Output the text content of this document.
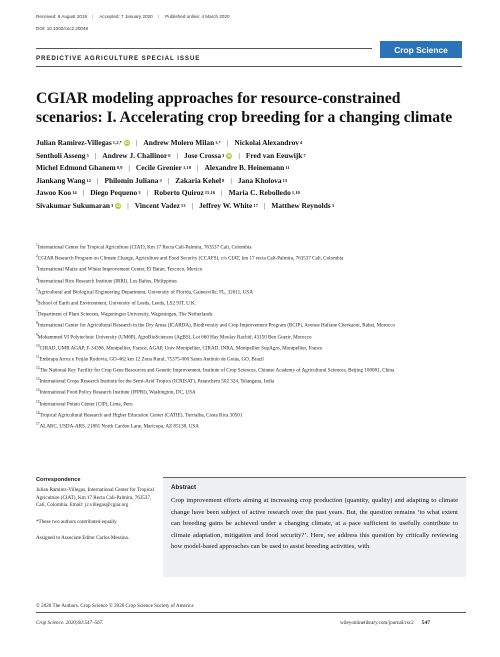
Received: 9 August 2019 | Accepted: 7 January 2020 | Published online: 4 March 2020
DOI: 10.1002/csc2.20048
Crop Science
PREDICTIVE AGRICULTURE SPECIAL ISSUE
CGIAR modeling approaches for resource-constrained scenarios: I. Accelerating crop breeding for a changing climate
Julian Ramirez-Villegas 1,2,* iD | Andrew Molero Milan 3,* | Nickolai Alexandrov 4
Sentholi Asseng 5 | Andrew J. Challinor 6 | Jose Crossa 3 iD | Fred van Eeuwijk 7
Michel Edmond Ghanem 8,9 | Cecile Grenier 1,10 | Alexandre B. Heinemann 11
Jiankang Wang 12 | Philomin Juliana 3 | Zakaria Kehel 8 | Jana Kholova 13
Jawoo Koo 14 | Diego Pequeno 3 | Roberto Quiroz 15,16 | Maria C. Rebolledo 1,10
Sivakumar Sukumaran 3 iD | Vincent Vadez 13 | Jeffrey W. White 17 | Matthew Reynolds 3
$^1$International Center for Tropical Agriculture (CIAT), Km 17 Recta Cali-Palmira, 763537 Cali, Colombia
$^2$CGIAR Research Program on Climate Change, Agriculture and Food Security (CCAFS), c/o CIAT, km 17 recta Cali-Palmira, 763537 Cali, Colombia
$^3$International Maize and Wheat Improvement Center, El Batan, Texcoco, Mexico
$^4$International Rice Research Institute (IRRI), Los Baños, Philippines
$^5$Agricultural and Biological Engineering Department, University of Florida, Gainesville, FL, 32611, USA
$^6$School of Earth and Environment, University of Leeds, Leeds, LS2 9JT, U.K.
$^7$Department of Plant Sciences, Wageningen University, Wageningen, The Netherlands
$^8$International Center for Agricultural Research in the Dry Areas (ICARDA), Biodiversity and Crop Improvement Program (BCIP), Avenue Hafiane Cherkaoui, Rabat, Morocco
$^9$Mohammed VI Polytechnic University (UM6P), AgroBioSciences (AgBS), Lot 660 Hay Moulay Rachid, 43150 Ben Guerir, Morocco
$^{10}$CIRAD, UMR AGAP, F-34398, Montpellier, France, AGAP, Univ Montpellier, CIRAD, INRA, Montpellier SupAgro, Montpellier, France
$^{11}$Embrapa Arroz e Feijão Rodovia, GO-462 km 12 Zona Rural, 75375-000 Santo Antônio de Goiás, GO, Brazil
$^{12}$The National Key Facility for Crop Gene Resources and Genetic Improvement, Institute of Crop Sciences, Chinese Academy of Agricultural Sciences, Beijing 100081, China
$^{13}$International Crops Research Institute for the Semi-Arid Tropics (ICRISAT), Patancheru 502 324, Telangana, India
$^{14}$International Food Policy Research Institute (IFPRI), Washington, DC, USA
$^{15}$International Potato Center (CIP), Lima, Peru
$^{16}$Tropical Agricultural Research and Higher Education Center (CATIE), Turrialba, Costa Rica 30501
$^{17}$ALARC, USDA-ARS, 21881 North Cardon Lane, Maricopa, AZ 85138, USA
Correspondence
Julian Ramirez-Villegas, International Center for Tropical Agriculture (CIAT), Km 17 Recta Cali-Palmira, 763537, Cali, Colombia. Email: j.r.villegas@cgiar.org
*These two authors contributed equally
Assigned to Associate Editor Carlos Messina.
Abstract
Crop improvement efforts aiming at increasing crop production (quantity, quality) and adapting to climate change have been subject of active research over the past years. But, the question remains ‘to what extent can breeding gains be achieved under a changing climate, at a pace sufficient to usefully contribute to climate adaptation, mitigation and food security?’. Here, we address this question by critically reviewing how model-based approaches can be used to assist breeding activities, with
© 2020 The Authors. Crop Science © 2020 Crop Science Society of America
Crop Science. 2020;60:547–567.	wileyonlinelibrary.com/journal/csc2 547
